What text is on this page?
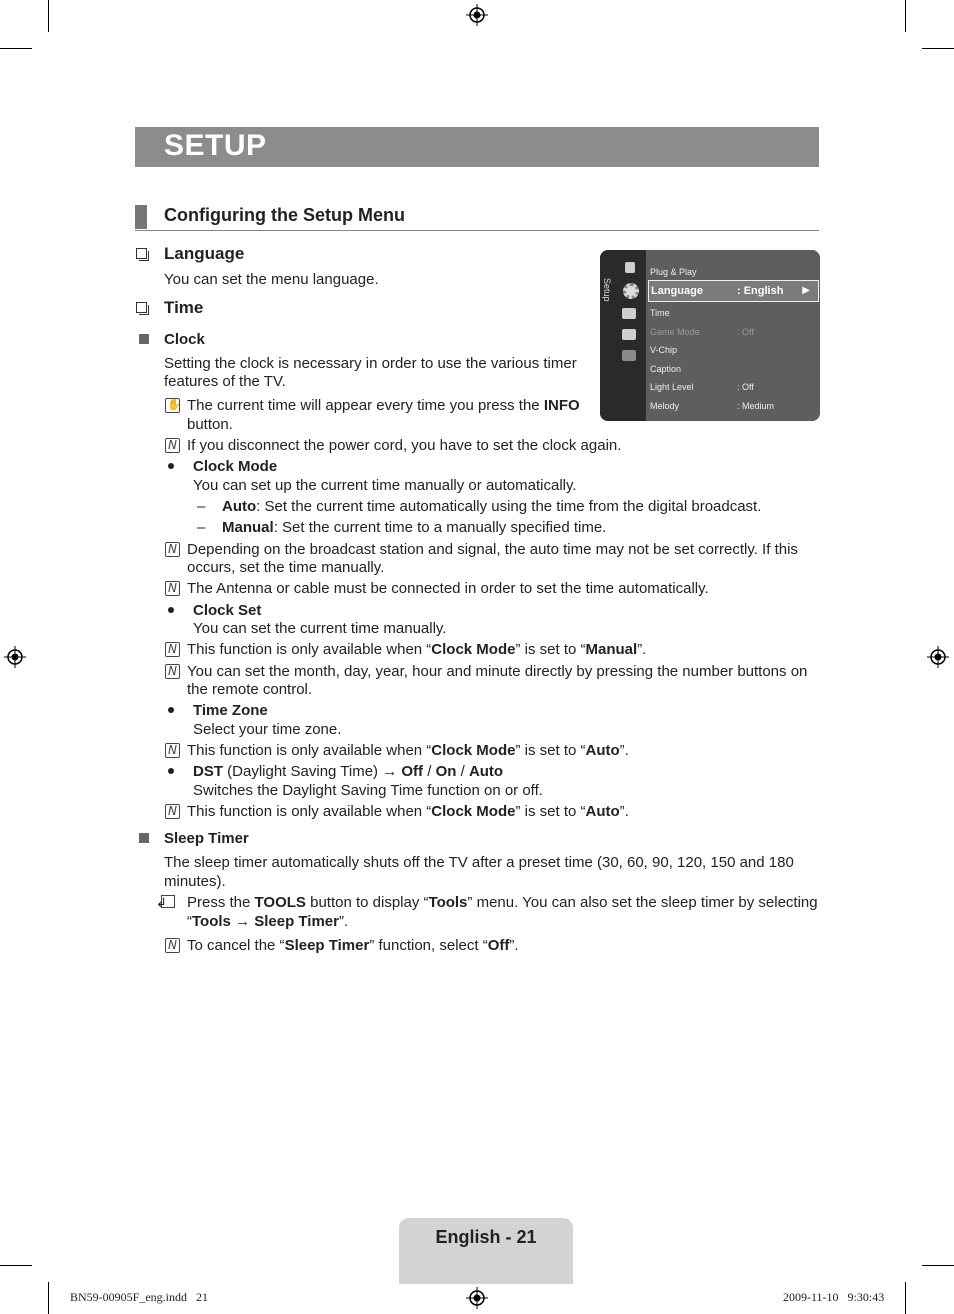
SETUP
Configuring the Setup Menu
Language
You can set the menu language.
Time
Clock
Setting the clock is necessary in order to use the various timer
features of the TV.
✋
The current time will appear every time you press the INFO
button.
N
If you disconnect the power cord, you have to set the clock again.
Clock Mode
You can set up the current time manually or automatically.
– Auto: Set the current time automatically using the time from the digital broadcast.
– Manual: Set the current time to a manually specified time.
N
Depending on the broadcast station and signal, the auto time may not be set correctly. If this
occurs, set the time manually.
N
The Antenna or cable must be connected in order to set the time automatically.
Clock Set
You can set the current time manually.
N
This function is only available when “Clock Mode” is set to “Manual”.
N
You can set the month, day, year, hour and minute directly by pressing the number buttons on
the remote control.
Time Zone
Select your time zone.
N
This function is only available when “Clock Mode” is set to “Auto”.
DST (Daylight Saving Time) → Off / On / Auto
Switches the Daylight Saving Time function on or off.
N
This function is only available when “Clock Mode” is set to “Auto”.
Sleep Timer
The sleep timer automatically shuts off the TV after a preset time (30, 60, 90, 120, 150 and 180
minutes).
↲
Press the TOOLS button to display “Tools” menu. You can also set the sleep timer by selecting
“Tools → Sleep Timer”.
N
To cancel the “Sleep Timer” function, select “Off”.
Setup
Plug & Play
Language	: English ▶
Time
Game Mode	: Off
V-Chip
Caption
Light Level	: Off
Melody	: Medium
English - 21
BN59-00905F_eng.indd   21	2009-11-10   9:30:43
